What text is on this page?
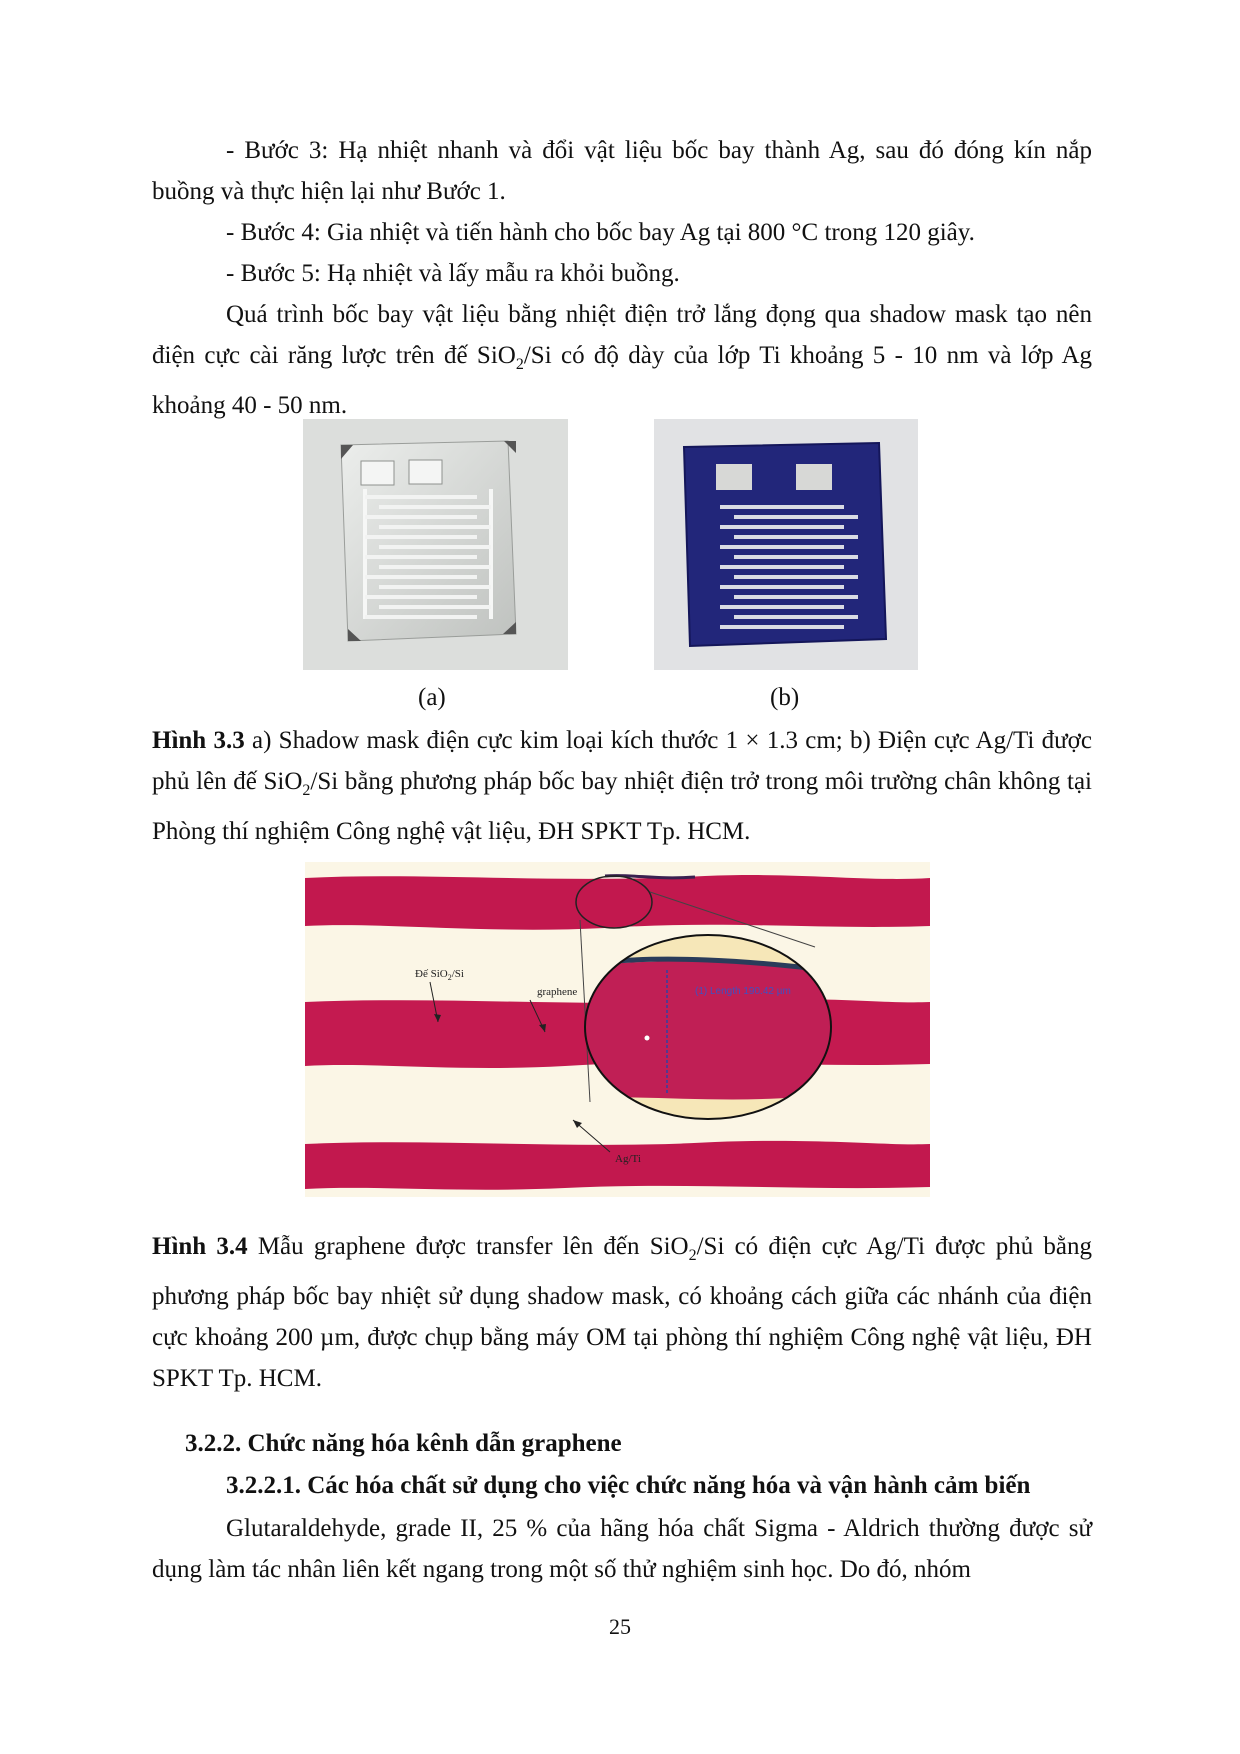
- Bước 3: Hạ nhiệt nhanh và đổi vật liệu bốc bay thành Ag, sau đó đóng kín nắp buồng và thực hiện lại như Bước 1.

- Bước 4: Gia nhiệt và tiến hành cho bốc bay Ag tại 800 °C trong 120 giây.

- Bước 5: Hạ nhiệt và lấy mẫu ra khỏi buồng.

Quá trình bốc bay vật liệu bằng nhiệt điện trở lắng đọng qua shadow mask tạo nên điện cực cài răng lược trên đế SiO$_2$/Si có độ dày của lớp Ti khoảng 5 - 10 nm và lớp Ag khoảng 40 - 50 nm.

(a)	(b)
Hình 3.3 a) Shadow mask điện cực kim loại kích thước 1 × 1.3 cm; b) Điện cực Ag/Ti được phủ lên đế SiO$_2$/Si bằng phương pháp bốc bay nhiệt điện trở trong môi trường chân không tại Phòng thí nghiệm Công nghệ vật liệu, ĐH SPKT Tp. HCM.
(1) Length 190.42 µm
Đế SiO$_2$/Si
graphene
Ag/Ti
Hình 3.4 Mẫu graphene được transfer lên đến SiO$_2$/Si có điện cực Ag/Ti được phủ bằng phương pháp bốc bay nhiệt sử dụng shadow mask, có khoảng cách giữa các nhánh của điện cực khoảng 200 µm, được chụp bằng máy OM tại phòng thí nghiệm Công nghệ vật liệu, ĐH SPKT Tp. HCM.
3.2.2. Chức năng hóa kênh dẫn graphene
3.2.2.1. Các hóa chất sử dụng cho việc chức năng hóa và vận hành cảm biến
Glutaraldehyde, grade II, 25 % của hãng hóa chất Sigma - Aldrich thường được sử dụng làm tác nhân liên kết ngang trong một số thử nghiệm sinh học. Do đó, nhóm
25
